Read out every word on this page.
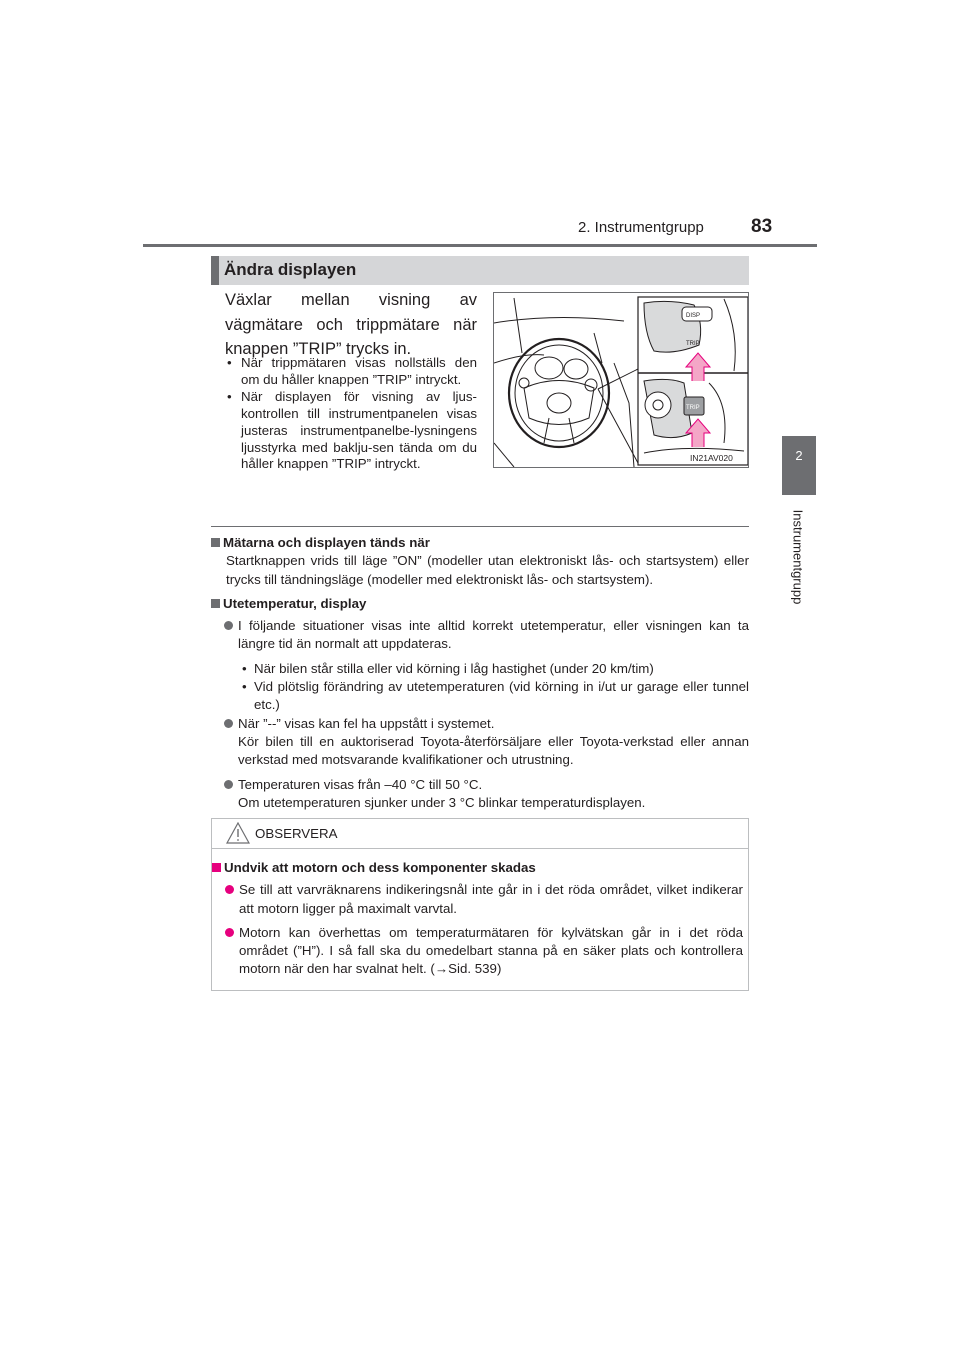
2. Instrumentgrupp 83
2
Instrumentgrupp
Ändra displayen
Växlar mellan visning av vägmätare och trippmätare när knappen ”TRIP” trycks in.
• När trippmätaren visas nollställs den om du håller knappen ”TRIP” intryckt.
• När displayen för visning av ljus-kontrollen till instrumentpanelen visas justeras instrumentpanelbe-lysningens ljusstyrka med baklju-sen tända om du håller knappen ”TRIP” intryckt.
DISP
TRIP
TRIP
IN21AV020

Mätarna och displayen tänds när

Startknappen vrids till läge ”ON” (modeller utan elektroniskt lås- och startsystem) eller trycks till tändningsläge (modeller med elektroniskt lås- och startsystem).

Utetemperatur, display

I följande situationer visas inte alltid korrekt utetemperatur, eller visningen kan ta längre tid än normalt att uppdateras.

• När bilen står stilla eller vid körning i låg hastighet (under 20 km/tim)
• Vid plötslig förändring av utetemperaturen (vid körning in i/ut ur garage eller tunnel etc.)
När ”--” visas kan fel ha uppstått i systemet.
Kör bilen till en auktoriserad Toyota-återförsäljare eller Toyota-verkstad eller annan verkstad med motsvarande kvalifikationer och utrustning.
Temperaturen visas från –40 °C till 50 °C.
Om utetemperaturen sjunker under 3 °C blinkar temperaturdisplayen.
OBSERVERA

Undvik att motorn och dess komponenter skadas

Se till att varvräknarens indikeringsnål inte går in i det röda området, vilket indikerar att motorn ligger på maximalt varvtal.

Motorn kan överhettas om temperaturmätaren för kylvätskan går in i det röda området (”H”). I så fall ska du omedelbart stanna på en säker plats och kontrollera motorn när den har svalnat helt. (→Sid. 539)
